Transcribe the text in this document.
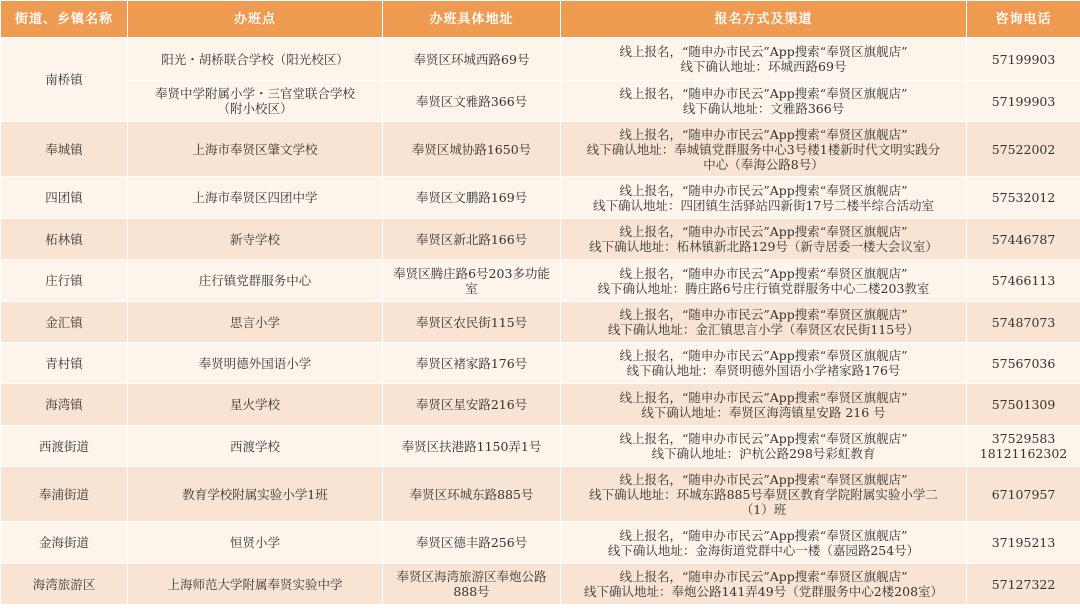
街道、乡镇名称	办班点	办班具体地址	报名方式及渠道	咨询电话
南桥镇	阳光・胡桥联合学校（阳光校区）	奉贤区环城西路69号	线上报名，“随申办市民云”App搜索“奉贤区旗舰店”
线下确认地址：环城西路69号	57199903

	奉贤中学附属小学・三官堂联合学校
（附小校区）	奉贤区文雅路366号	线上报名，“随申办市民云”App搜索“奉贤区旗舰店”
线下确认地址：文雅路366号	57199903

奉城镇	上海市奉贤区肇文学校	奉贤区城协路1650号	线上报名，“随申办市民云”App搜索“奉贤区旗舰店”
线下确认地址：奉城镇党群服务中心3号楼1楼新时代文明实践分
中心（奉海公路8号）	57522002

四团镇	上海市奉贤区四团中学	奉贤区文鹏路169号	线上报名，“随申办市民云”App搜索“奉贤区旗舰店”
线下确认地址：四团镇生活驿站四新街17号二楼半综合活动室	57532012

柘林镇	新寺学校	奉贤区新北路166号	线上报名，“随申办市民云”App搜索“奉贤区旗舰店”
线下确认地址：柘林镇新北路129号（新寺居委一楼大会议室）	57446787

庄行镇	庄行镇党群服务中心	奉贤区腾庄路6号203多功能
室	线上报名，“随申办市民云”App搜索“奉贤区旗舰店”
线下确认地址：腾庄路6号庄行镇党群服务中心二楼203教室	57466113

金汇镇	思言小学	奉贤区农民街115号	线上报名，“随申办市民云”App搜索“奉贤区旗舰店”
线下确认地址：金汇镇思言小学（奉贤区农民街115号）	57487073

青村镇	奉贤明德外国语小学	奉贤区褚家路176号	线上报名，“随申办市民云”App搜索“奉贤区旗舰店”
线下确认地址：奉贤明德外国语小学褚家路176号	57567036

海湾镇	星火学校	奉贤区星安路216号	线上报名，“随申办市民云”App搜索“奉贤区旗舰店”
线下确认地址：奉贤区海湾镇星安路 216 号	57501309

西渡街道	西渡学校	奉贤区扶港路1150弄1号	线上报名，“随申办市民云”App搜索“奉贤区旗舰店”
线下确认地址：沪杭公路298号彩虹教育	37529583
18121162302

奉浦街道	教育学校附属实验小学1班	奉贤区环城东路885号	线上报名，“随申办市民云”App搜索“奉贤区旗舰店”
线下确认地址：环城东路885号奉贤区教育学院附属实验小学二
（1）班	67107957

金海街道	恒贤小学	奉贤区德丰路256号	线上报名，“随申办市民云”App搜索“奉贤区旗舰店”
线下确认地址：金海街道党群中心一楼（嘉园路254号）	37195213

海湾旅游区	上海师范大学附属奉贤实验中学	奉贤区海湾旅游区奉炮公路
888号	线上报名，“随申办市民云”App搜索“奉贤区旗舰店”
线下确认地址：奉炮公路141弄49号（党群服务中心2楼208室）	57127322
